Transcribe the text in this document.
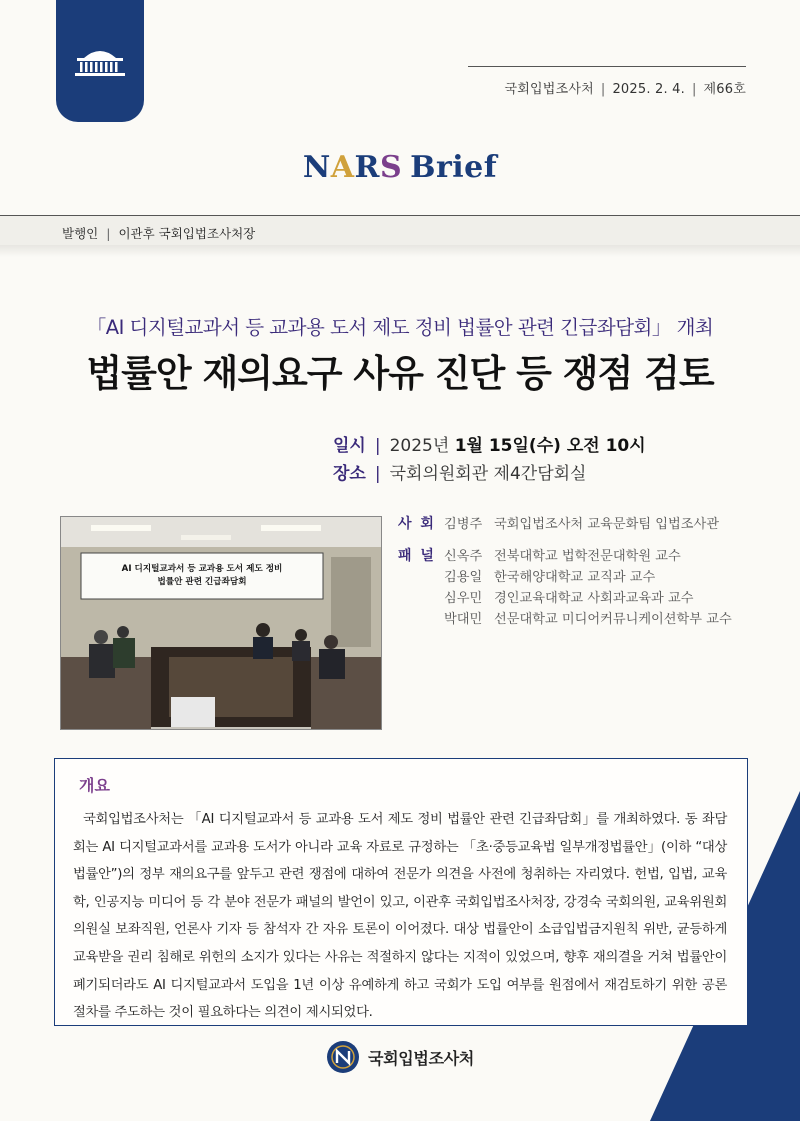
국회입법조사처 | 2025. 2. 4. | 제66호
NARS Brief
발행인 | 이관후 국회입법조사처장
「AI 디지털교과서 등 교과용 도서 제도 정비 법률안 관련 긴급좌담회」 개최
법률안 재의요구 사유 진단 등 쟁점 검토
일시 | 2025년 1월 15일(수) 오전 10시
장소 | 국회의원회관 제4간담회실
AI 디지털교과서 등 교과용 도서 제도 정비
법률안 관련 긴급좌담회
사 회 김병주 국회입법조사처 교육문화팀 입법조사관
패 널 신옥주 전북대학교 법학전문대학원 교수
김용일 한국해양대학교 교직과 교수
심우민 경인교육대학교 사회과교육과 교수
박대민 선문대학교 미디어커뮤니케이션학부 교수
개요

국회입법조사처는 「AI 디지털교과서 등 교과용 도서 제도 정비 법률안 관련 긴급좌담회」를 개최하였다. 동 좌담회는 AI 디지털교과서를 교과용 도서가 아니라 교육 자료로 규정하는 「초·중등교육법 일부개정법률안」(이하 “대상 법률안”)의 정부 재의요구를 앞두고 관련 쟁점에 대하여 전문가 의견을 사전에 청취하는 자리였다. 헌법, 입법, 교육학, 인공지능 미디어 등 각 분야 전문가 패널의 발언이 있고, 이관후 국회입법조사처장, 강경숙 국회의원, 교육위원회 의원실 보좌직원, 언론사 기자 등 참석자 간 자유 토론이 이어졌다. 대상 법률안이 소급입법금지원칙 위반, 균등하게 교육받을 권리 침해로 위헌의 소지가 있다는 사유는 적절하지 않다는 지적이 있었으며, 향후 재의결을 거쳐 법률안이 폐기되더라도 AI 디지털교과서 도입을 1년 이상 유예하게 하고 국회가 도입 여부를 원점에서 재검토하기 위한 공론 절차를 주도하는 것이 필요하다는 의견이 제시되었다.

국회입법조사처
